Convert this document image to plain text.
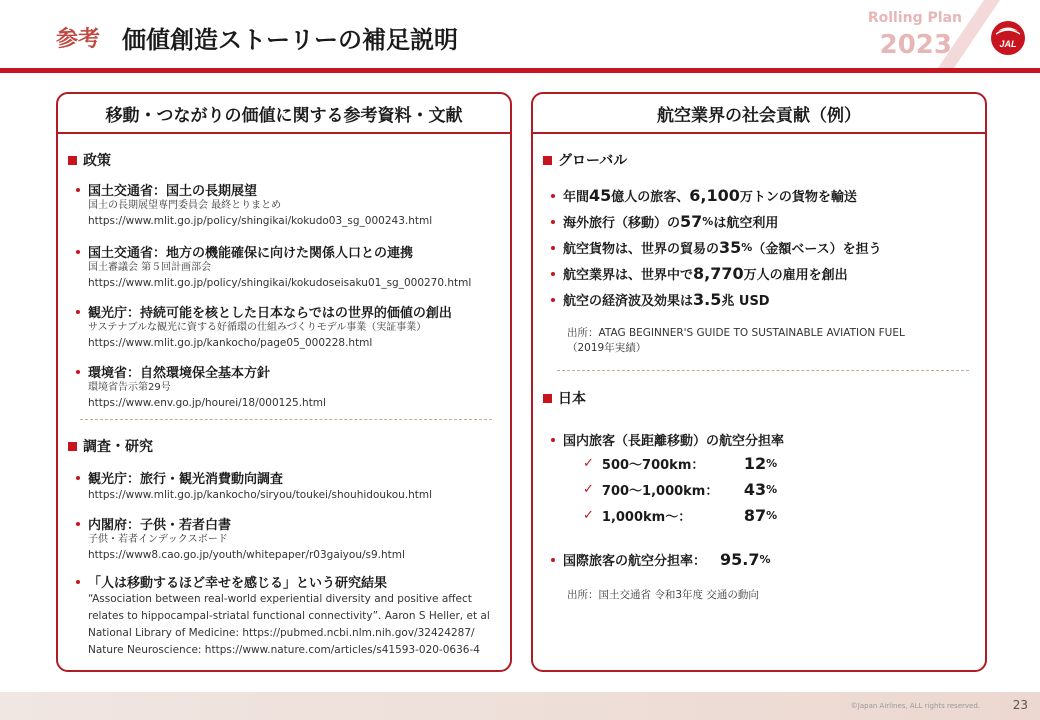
参考 価値創造ストーリーの補足説明
Rolling Plan
2023	JAL
移動・つながりの価値に関する参考資料・文献
政策
国土交通省：国土の長期展望
国土の長期展望専門委員会 最終とりまとめ
https://www.mlit.go.jp/policy/shingikai/kokudo03_sg_000243.html
国土交通省：地方の機能確保に向けた関係人口との連携
国土審議会 第５回計画部会
https://www.mlit.go.jp/policy/shingikai/kokudoseisaku01_sg_000270.html
観光庁：持続可能を核とした日本ならではの世界的価値の創出
サステナブルな観光に資する好循環の仕組みづくりモデル事業（実証事業）
https://www.mlit.go.jp/kankocho/page05_000228.html
環境省：自然環境保全基本方針
環境省告示第29号
https://www.env.go.jp/hourei/18/000125.html
調査・研究
観光庁：旅行・観光消費動向調査
https://www.mlit.go.jp/kankocho/siryou/toukei/shouhidoukou.html
内閣府：子供・若者白書
子供・若者インデックスボード
https://www8.cao.go.jp/youth/whitepaper/r03gaiyou/s9.html
「人は移動するほど幸せを感じる」という研究結果
“Association between real-world experiential diversity and positive affect
relates to hippocampal-striatal functional connectivity”. Aaron S Heller, et al
National Library of Medicine: https://pubmed.ncbi.nlm.nih.gov/32424287/
Nature Neuroscience: https://www.nature.com/articles/s41593-020-0636-4
航空業界の社会貢献（例）
グローバル
年間 45 億人の旅客、 6,100 万トンの貨物を輸送
海外旅行（移動）の 57 % は航空利用
航空貨物は、世界の貿易の 35 % （金額ベース）を担う
航空業界は、世界中で 8,770 万人の雇用を創出
航空の経済波及効果は 3.5 兆 USD
出所：ATAG BEGINNER'S GUIDE TO SUSTAINABLE AVIATION FUEL
（2019年実績）
日本
国内旅客（長距離移動）の航空分担率
✓ 500〜700km：	12 %
✓ 700〜1,000km：	43 %
✓ 1,000km〜：	87 %
国際旅客の航空分担率： 95.7 %
出所：国土交通省 令和3年度 交通の動向
©Japan Airlines, ALL rights reserved.	23
